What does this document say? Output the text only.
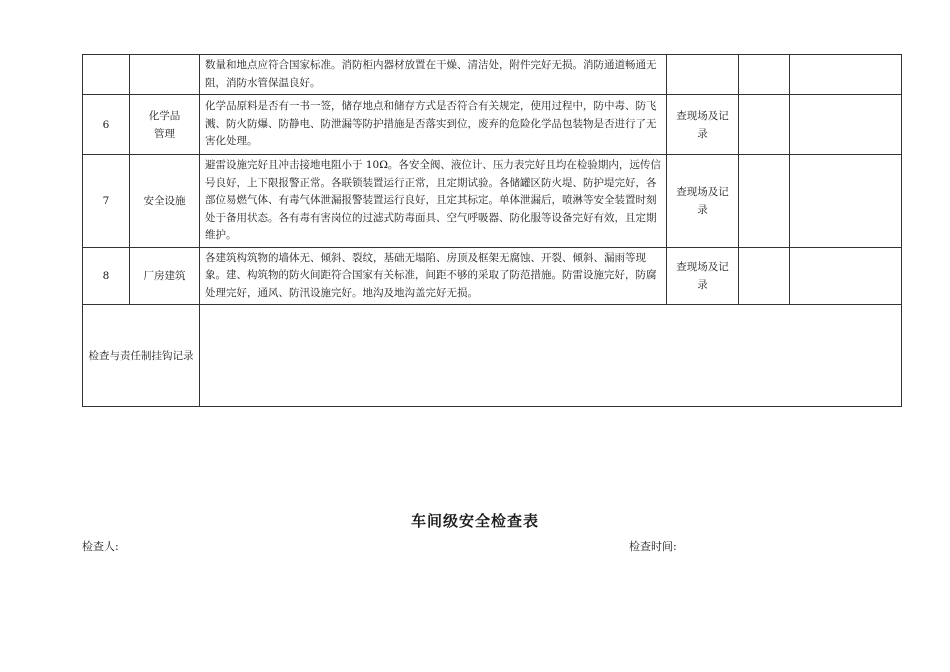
		数量和地点应符合国家标准。消防柜内器材放置在干燥、清洁处，附件完好无损。消防通道畅通无阻，消防水管保温良好。			
6	化学品管理	化学品原料是否有一书一签，储存地点和储存方式是否符合有关规定，使用过程中，防中毒、防飞溅、防火防爆、防静电、防泄漏等防护措施是否落实到位，废弃的危险化学品包装物是否进行了无害化处理。	查现场及记录		
7	安全设施	避雷设施完好且冲击接地电阻小于 10Ω。各安全阀、液位计、压力表完好且均在检验期内，远传信号良好，上下限报警正常。各联锁装置运行正常，且定期试验。各储罐区防火堤、防护堤完好，各部位易燃气体、有毒气体泄漏报警装置运行良好，且定其标定。单体泄漏后，喷淋等安全装置时刻处于备用状态。各有毒有害岗位的过滤式防毒面具、空气呼吸器、防化服等设备完好有效，且定期维护。	查现场及记录		
8	厂房建筑	各建筑构筑物的墙体无、倾斜、裂纹，基础无塌陷、房顶及框架无腐蚀、开裂、倾斜、漏雨等现象。建、构筑物的防火间距符合国家有关标准，间距不够的采取了防范措施。防雷设施完好，防腐处理完好，通风、防汛设施完好。地沟及地沟盖完好无损。	查现场及记录		
检查与责任制挂钩记录					
车间级安全检查表
检查人:	检查时间:
